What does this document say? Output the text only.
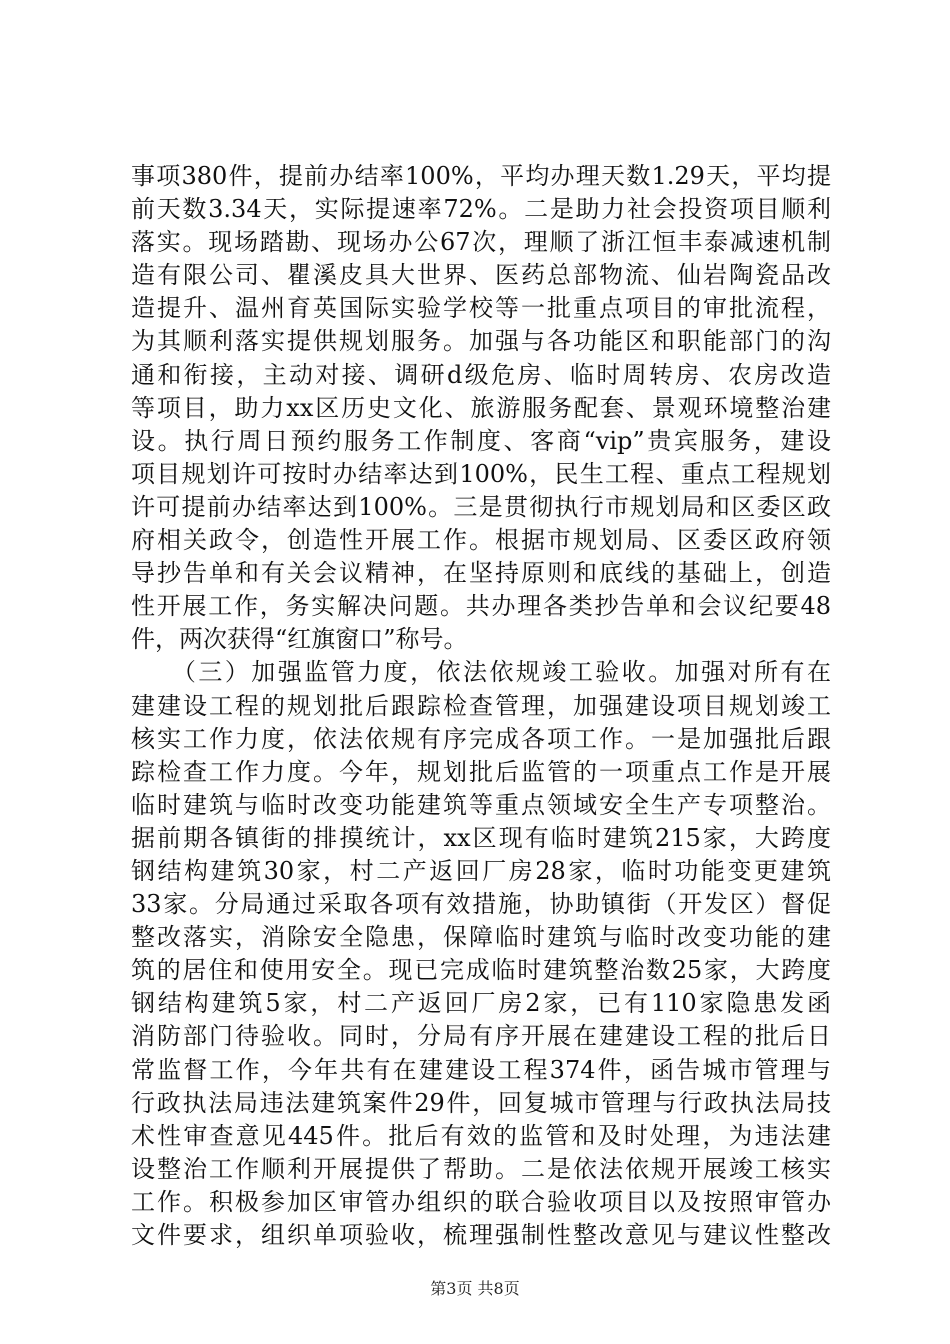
事项380件，提前办结率100%，平均办理天数1.29天，平均提
前天数3.34天，实际提速率72%。二是助力社会投资项目顺利
落实。现场踏勘、现场办公67次，理顺了浙江恒丰泰减速机制
造有限公司、瞿溪皮具大世界、医药总部物流、仙岩陶瓷品改
造提升、温州育英国际实验学校等一批重点项目的审批流程，
为其顺利落实提供规划服务。加强与各功能区和职能部门的沟
通和衔接，主动对接、调研d级危房、临时周转房、农房改造
等项目，助力xx区历史文化、旅游服务配套、景观环境整治建
设。执行周日预约服务工作制度、客商“vip”贵宾服务，建设
项目规划许可按时办结率达到100%，民生工程、重点工程规划
许可提前办结率达到100%。三是贯彻执行市规划局和区委区政
府相关政令，创造性开展工作。根据市规划局、区委区政府领
导抄告单和有关会议精神，在坚持原则和底线的基础上，创造
性开展工作，务实解决问题。共办理各类抄告单和会议纪要48
件，两次获得“红旗窗口”称号。
　　（三）加强监管力度，依法依规竣工验收。加强对所有在
建建设工程的规划批后跟踪检查管理，加强建设项目规划竣工
核实工作力度，依法依规有序完成各项工作。一是加强批后跟
踪检查工作力度。今年，规划批后监管的一项重点工作是开展
临时建筑与临时改变功能建筑等重点领域安全生产专项整治。
据前期各镇街的排摸统计，xx区现有临时建筑215家，大跨度
钢结构建筑30家，村二产返回厂房28家，临时功能变更建筑
33家。分局通过采取各项有效措施，协助镇街（开发区）督促
整改落实，消除安全隐患，保障临时建筑与临时改变功能的建
筑的居住和使用安全。现已完成临时建筑整治数25家，大跨度
钢结构建筑5家，村二产返回厂房2家，已有110家隐患发函
消防部门待验收。同时，分局有序开展在建建设工程的批后日
常监督工作，今年共有在建建设工程374件，函告城市管理与
行政执法局违法建筑案件29件，回复城市管理与行政执法局技
术性审查意见445件。批后有效的监管和及时处理，为违法建
设整治工作顺利开展提供了帮助。二是依法依规开展竣工核实
工作。积极参加区审管办组织的联合验收项目以及按照审管办
文件要求，组织单项验收，梳理强制性整改意见与建议性整改
第3页 共8页
